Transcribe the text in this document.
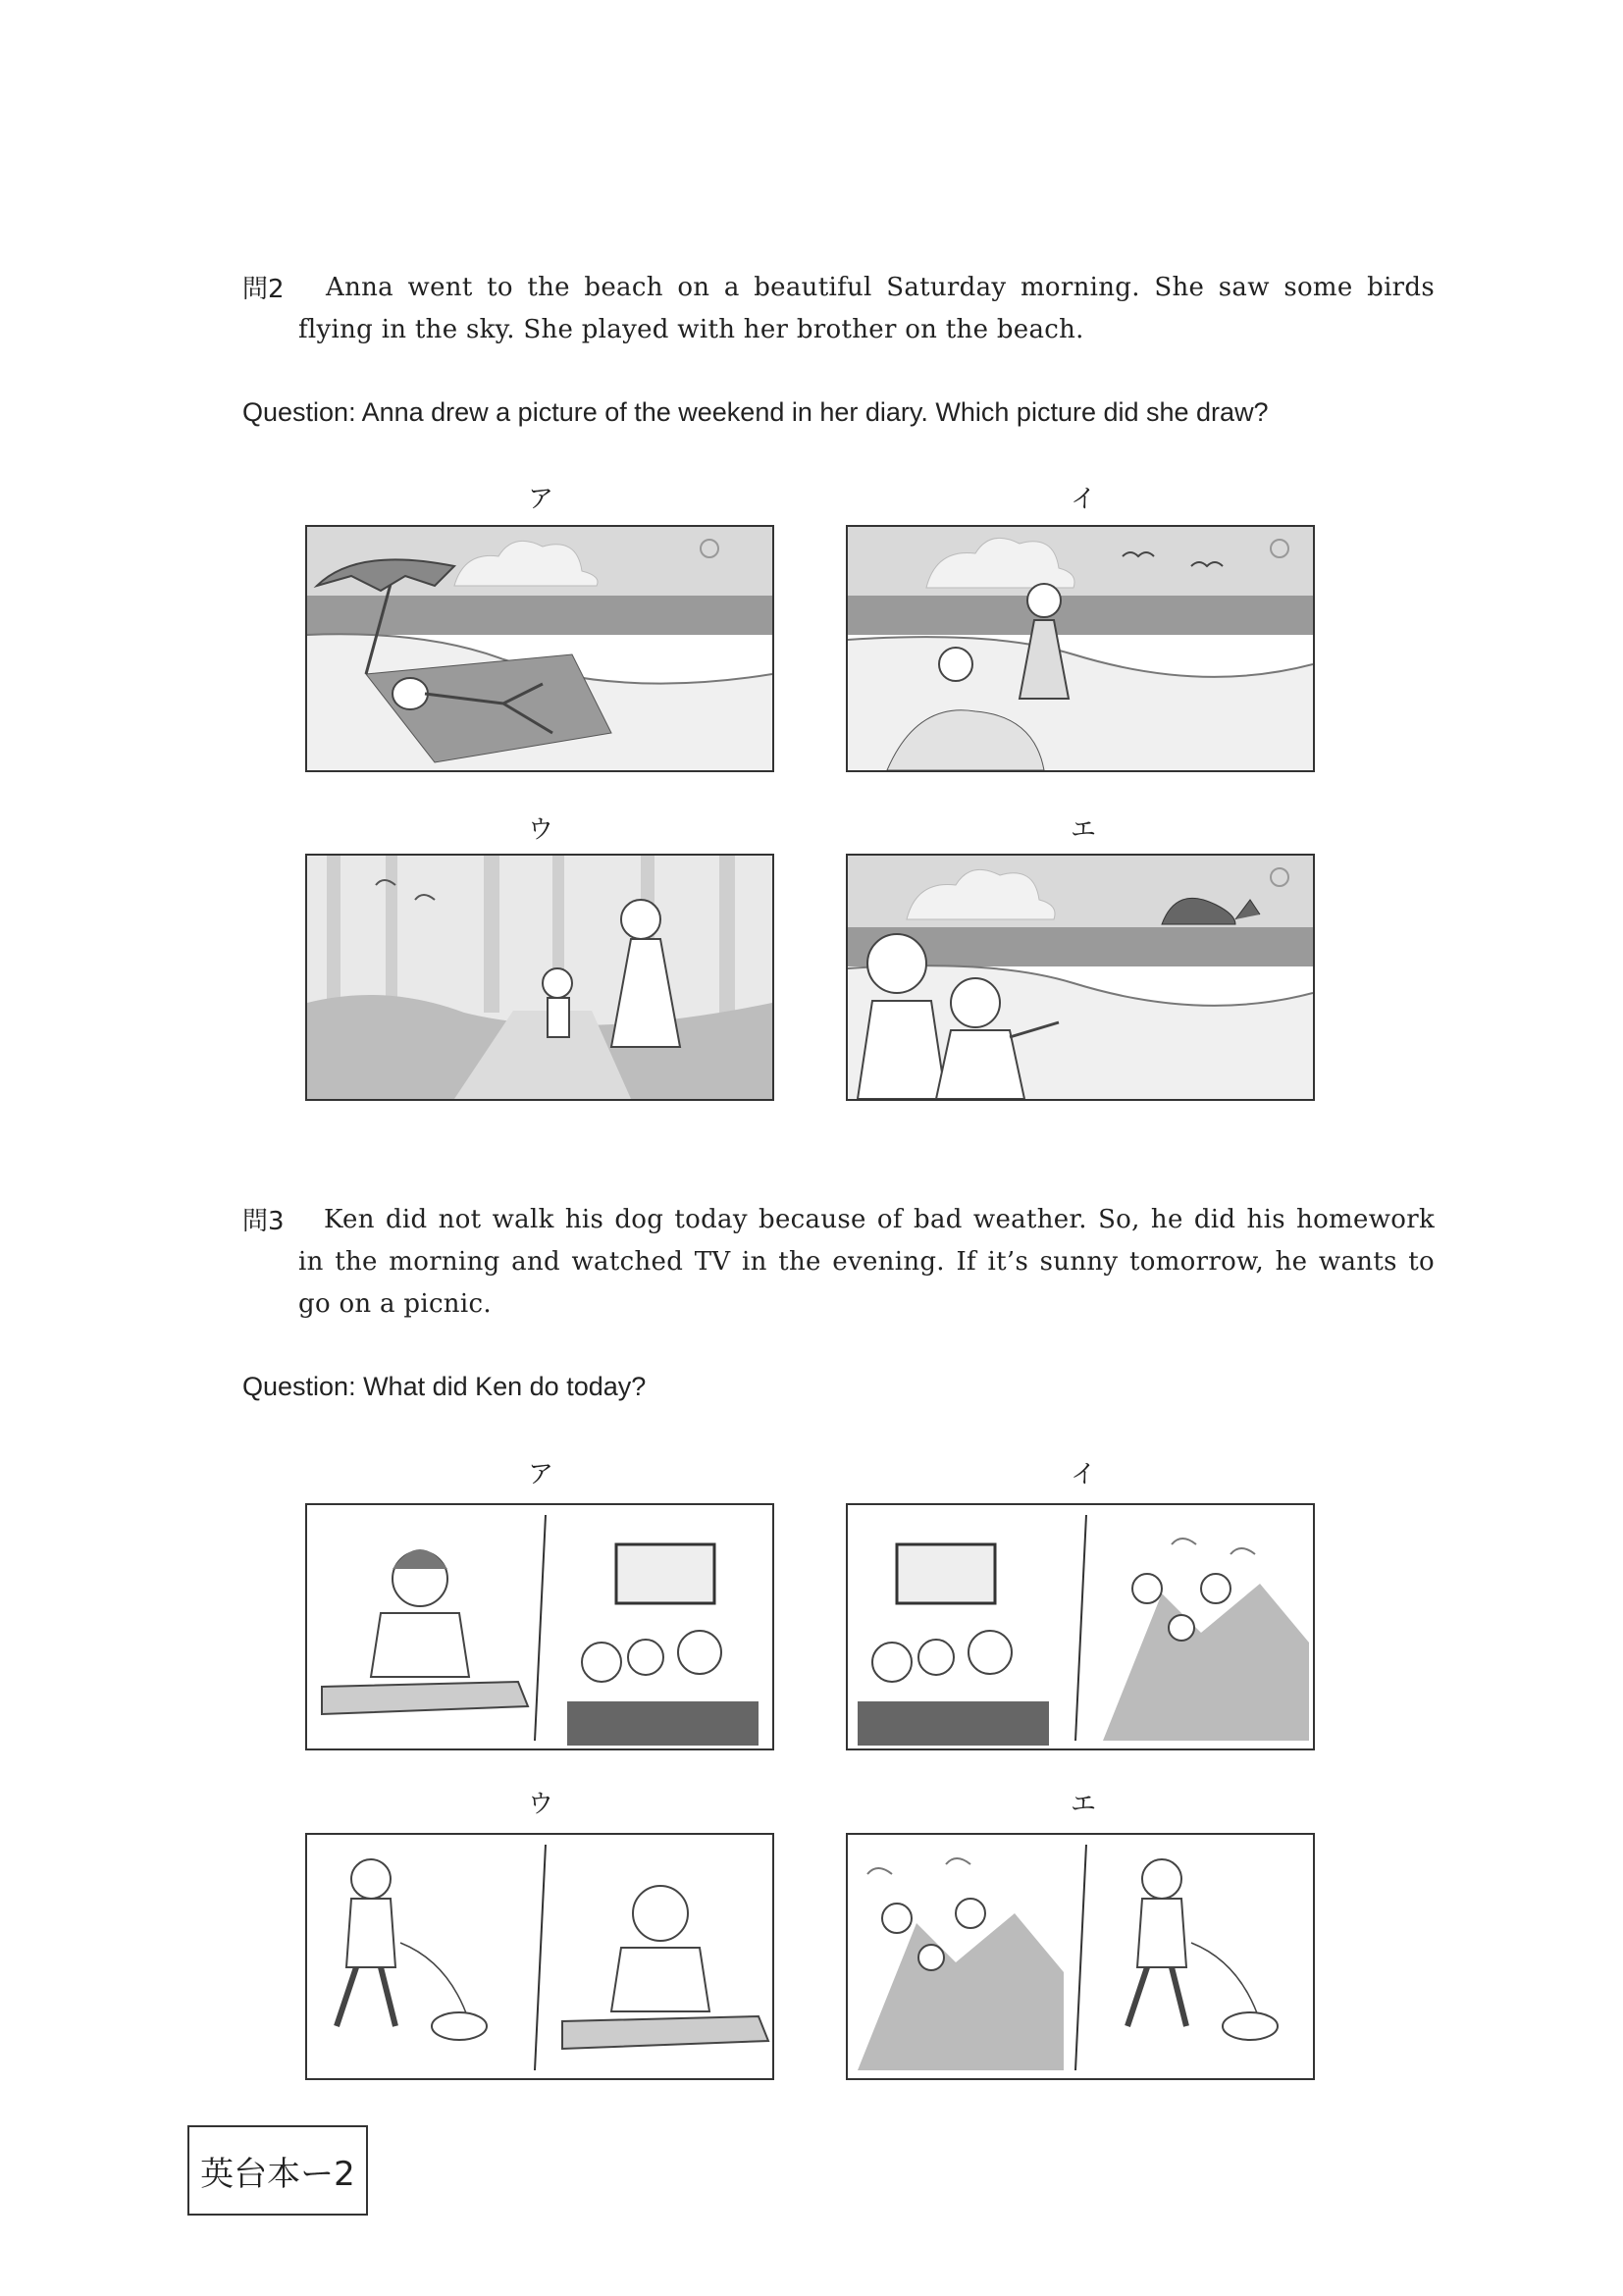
問2 Anna went to the beach on a beautiful Saturday morning. She saw some birds
flying in the sky. She played with her brother on the beach.
Question: Anna drew a picture of the weekend in her diary. Which picture did she draw?
ア	イ
ウ	エ
問3 Ken did not walk his dog today because of bad weather. So, he did his homework
in the morning and watched TV in the evening. If it’s sunny tomorrow, he wants to
go on a picnic.
Question: What did Ken do today?
ア	イ
ウ	エ
英台本ー2
